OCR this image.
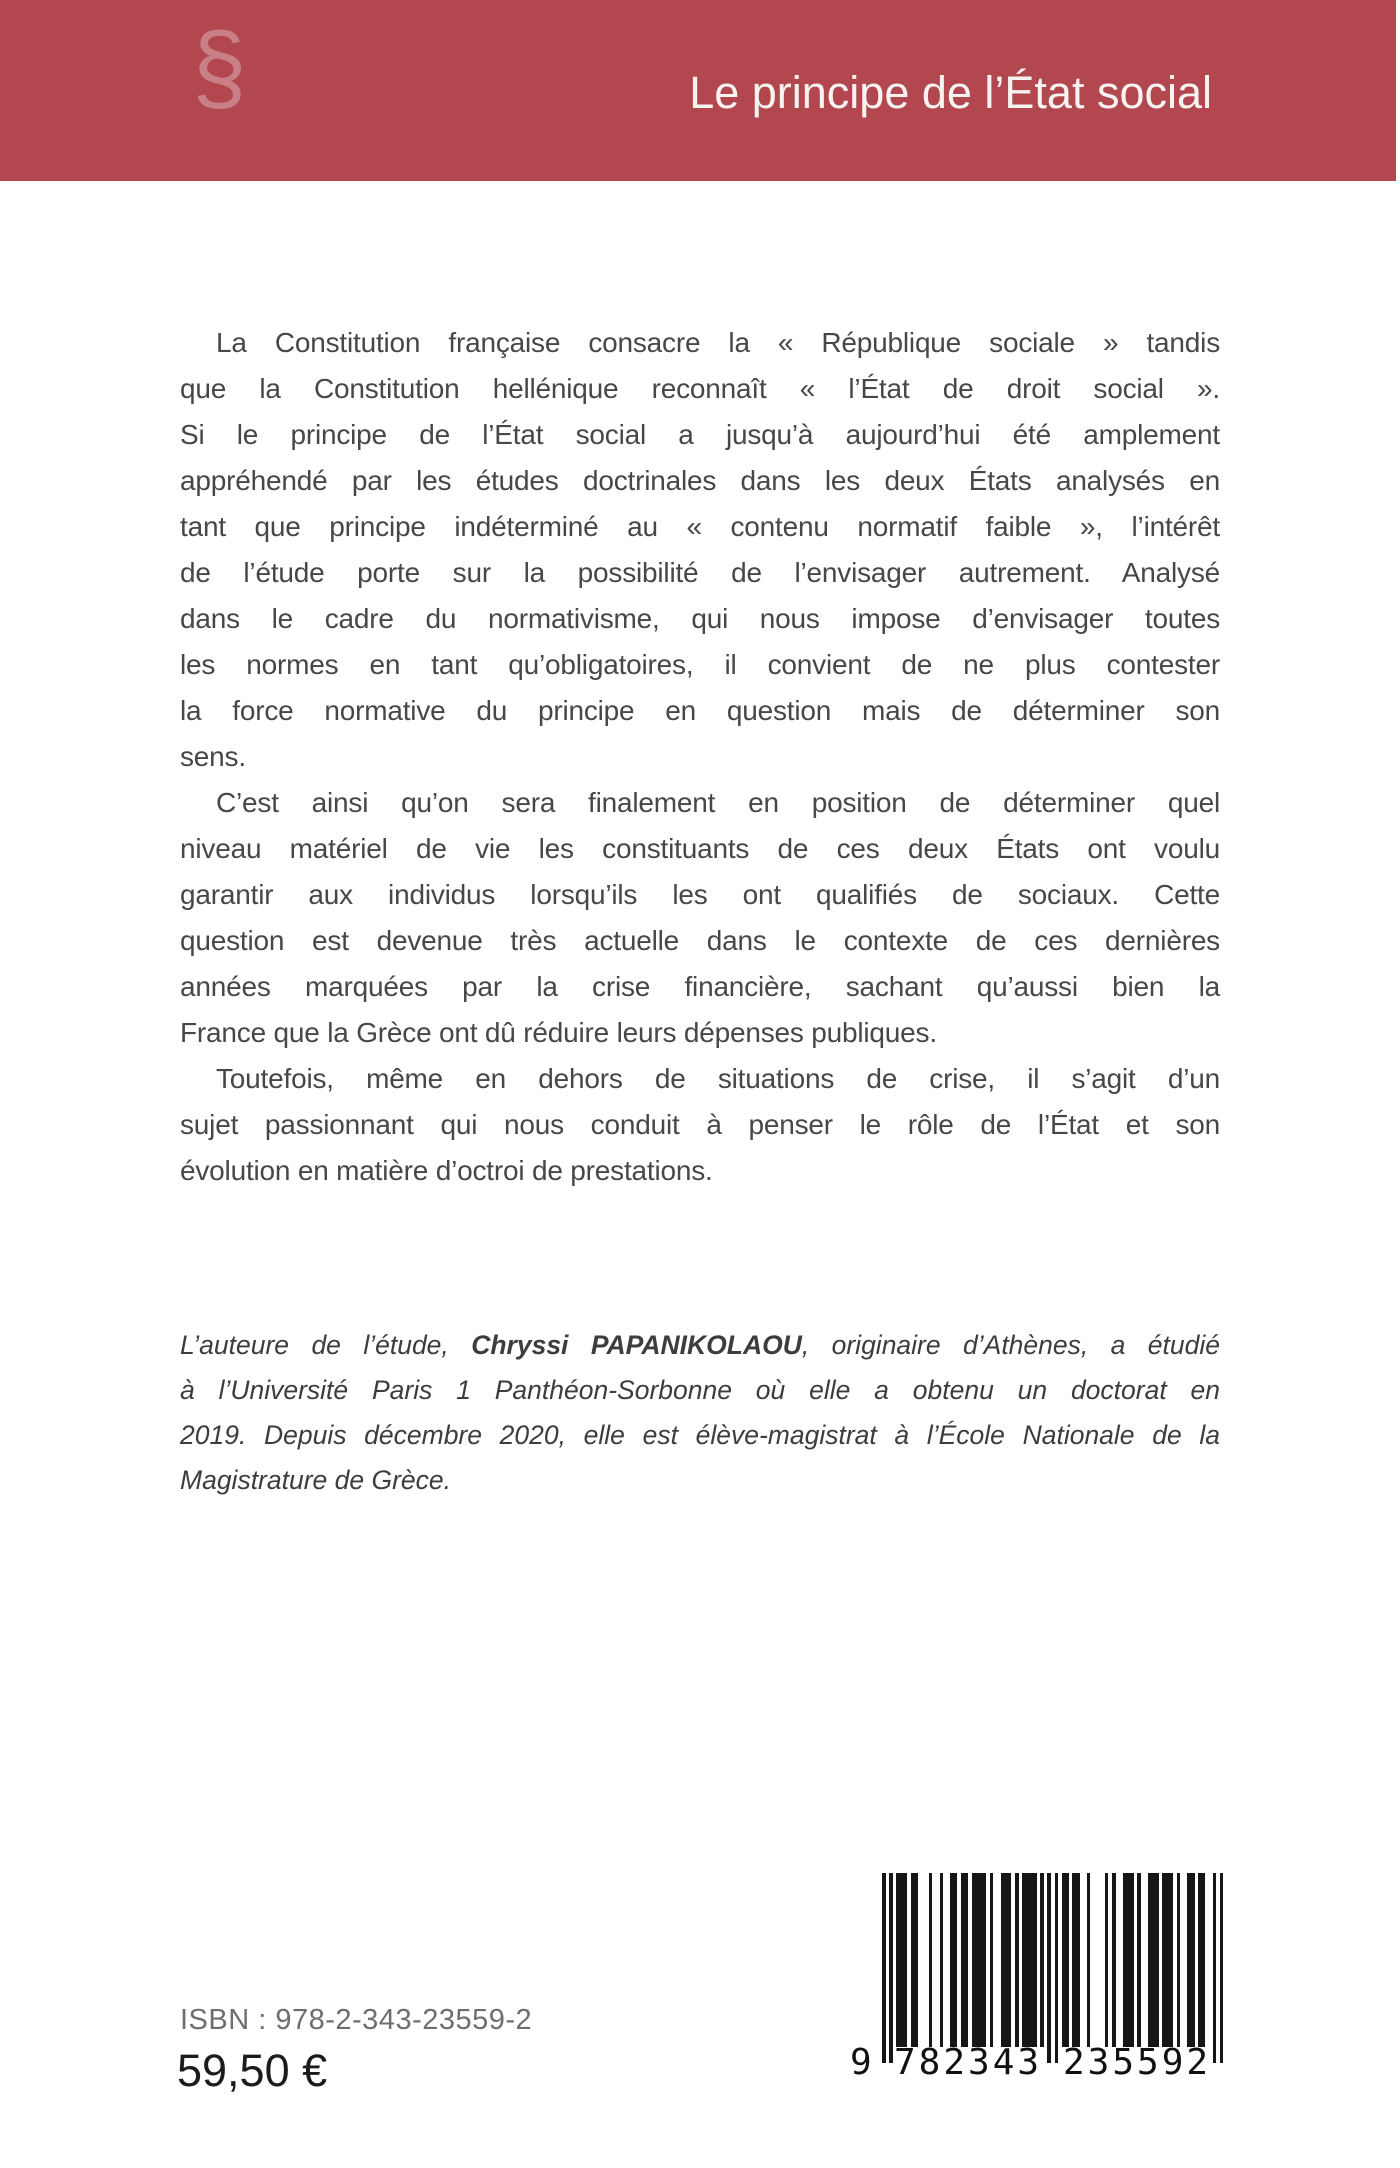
§	Le principe de l’État social
La Constitution française consacre la « République sociale » tandis
que la Constitution hellénique reconnaît « l’État de droit social ».
Si le principe de l’État social a jusqu’à aujourd’hui été amplement
appréhendé par les études doctrinales dans les deux États analysés en
tant que principe indéterminé au « contenu normatif faible », l’intérêt
de l’étude porte sur la possibilité de l’envisager autrement. Analysé
dans le cadre du normativisme, qui nous impose d’envisager toutes
les normes en tant qu’obligatoires, il convient de ne plus contester
la force normative du principe en question mais de déterminer son
sens.
C’est ainsi qu’on sera finalement en position de déterminer quel
niveau matériel de vie les constituants de ces deux États ont voulu
garantir aux individus lorsqu’ils les ont qualifiés de sociaux. Cette
question est devenue très actuelle dans le contexte de ces dernières
années marquées par la crise financière, sachant qu’aussi bien la
France que la Grèce ont dû réduire leurs dépenses publiques.
Toutefois, même en dehors de situations de crise, il s’agit d’un
sujet passionnant qui nous conduit à penser le rôle de l’État et son
évolution en matière d’octroi de prestations.
L’auteure de l’étude, Chryssi PAPANIKOLAOU, originaire d’Athènes, a étudié
à l’Université Paris 1 Panthéon-Sorbonne où elle a obtenu un doctorat en
2019. Depuis décembre 2020, elle est élève-magistrat à l’École Nationale de la
Magistrature de Grèce.
ISBN : 978-2-343-23559-2
59,50 €	9 782343 235592
